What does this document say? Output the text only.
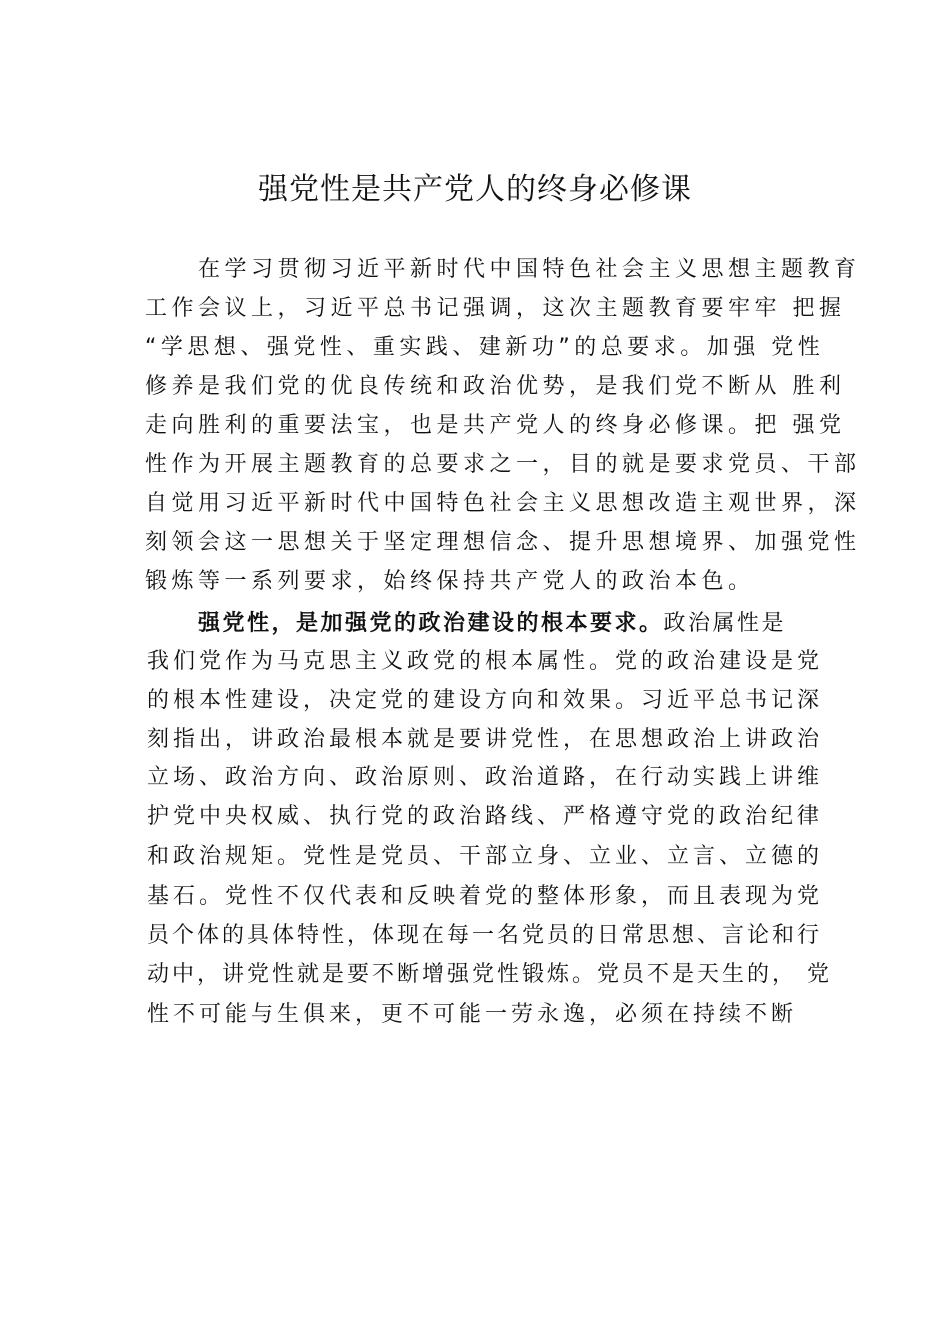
强党性是共产党人的终身必修课
在学习贯彻习近平新时代中国特色社会主义思想主题教育
工作会议上，习近平总书记强调，这次主题教育要牢牢 把握
“学思想、强党性、重实践、建新功”的总要求。加强 党性
修养是我们党的优良传统和政治优势，是我们党不断从 胜利
走向胜利的重要法宝，也是共产党人的终身必修课。把 强党
性作为开展主题教育的总要求之一，目的就是要求党员、干部
自觉用习近平新时代中国特色社会主义思想改造主观世界，深
刻领会这一思想关于坚定理想信念、提升思想境界、加强党性
锻炼等一系列要求，始终保持共产党人的政治本色。
强党性，是加强党的政治建设的根本要求。政治属性是
我们党作为马克思主义政党的根本属性。党的政治建设是党
的根本性建设，决定党的建设方向和效果。习近平总书记深
刻指出，讲政治最根本就是要讲党性，在思想政治上讲政治
立场、政治方向、政治原则、政治道路，在行动实践上讲维
护党中央权威、执行党的政治路线、严格遵守党的政治纪律
和政治规矩。党性是党员、干部立身、立业、立言、立德的
基石。党性不仅代表和反映着党的整体形象，而且表现为党
员个体的具体特性，体现在每一名党员的日常思想、言论和行
动中，讲党性就是要不断增强党性锻炼。党员不是天生的， 党
性不可能与生俱来，更不可能一劳永逸，必须在持续不断
